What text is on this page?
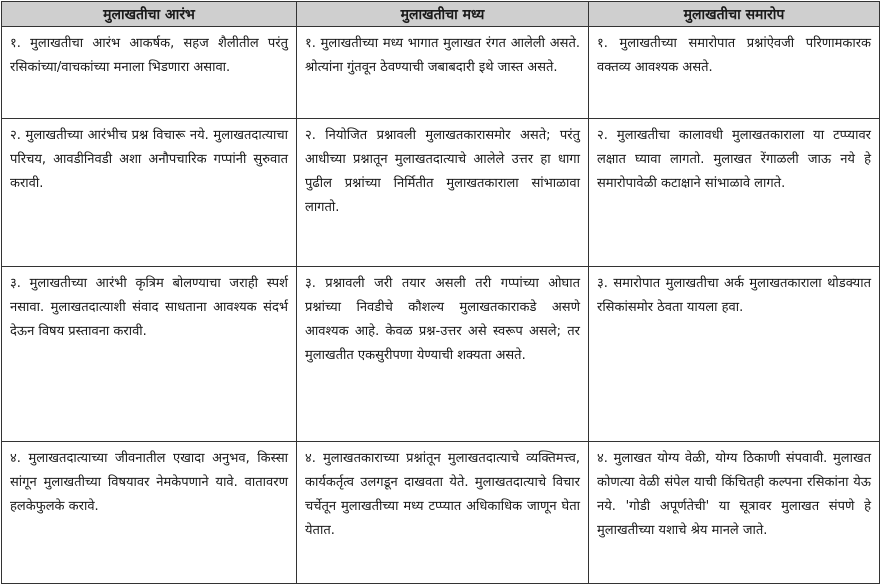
मुलाखतीचा आरंभ	मुलाखतीचा मध्य	मुलाखतीचा समारोप

१. मुलाखतीचा आरंभ आकर्षक, सहज शैलीतील परंतु रसिकांच्या/वाचकांच्या मनाला भिडणारा असावा.	१. मुलाखतीच्या मध्य भागात मुलाखत रंगत आलेली असते. श्रोत्यांना गुंतवून ठेवण्याची जबाबदारी इथे जास्त असते.	१. मुलाखतीच्या समारोपात प्रश्नांऐवजी परिणामकारक वक्तव्य आवश्यक असते.

२. मुलाखतीच्या आरंभीच प्रश्न विचारू नये. मुलाखतदात्याचा परिचय, आवडीनिवडी अशा अनौपचारिक गप्पांनी सुरुवात करावी.	२. नियोजित प्रश्नावली मुलाखतकारासमोर असते; परंतु आधीच्या प्रश्नातून मुलाखतदात्याचे आलेले उत्तर हा धागा पुढील प्रश्नांच्या निर्मितीत मुलाखतकाराला सांभाळावा लागतो.	२. मुलाखतीचा कालावधी मुलाखतकाराला या टप्प्यावर लक्षात घ्यावा लागतो. मुलाखत रेंगाळली जाऊ नये हे समारोपावेळी कटाक्षाने सांभाळावे लागते.

३. मुलाखतीच्या आरंभी कृत्रिम बोलण्याचा जराही स्पर्श नसावा. मुलाखतदात्याशी संवाद साधताना आवश्यक संदर्भ देऊन विषय प्रस्तावना करावी.	३. प्रश्नावली जरी तयार असली तरी गप्पांच्या ओघात प्रश्नांच्या निवडीचे कौशल्य मुलाखतकाराकडे असणे आवश्यक आहे. केवळ प्रश्न-उत्तर असे स्वरूप असले; तर मुलाखतीत एकसुरीपणा येण्याची शक्यता असते.	३. समारोपात मुलाखतीचा अर्क मुलाखतकाराला थोडक्यात रसिकांसमोर ठेवता यायला हवा.

४. मुलाखतदात्याच्या जीवनातील एखादा अनुभव, किस्सा सांगून मुलाखतीच्या विषयावर नेमकेपणाने यावे. वातावरण हलकेफुलके करावे.	४. मुलाखतकाराच्या प्रश्नांतून मुलाखतदात्याचे व्यक्तिमत्त्व, कार्यकर्तृत्व उलगडून दाखवता येते. मुलाखतदात्याचे विचार चर्चेतून मुलाखतीच्या मध्य टप्प्यात अधिकाधिक जाणून घेता येतात.	४. मुलाखत योग्य वेळी, योग्य ठिकाणी संपवावी. मुलाखत कोणत्या वेळी संपेल याची किंचितही कल्पना रसिकांना येऊ नये. 'गोडी अपूर्णतेची' या सूत्रावर मुलाखत संपणे हे मुलाखतीच्या यशाचे श्रेय मानले जाते.
